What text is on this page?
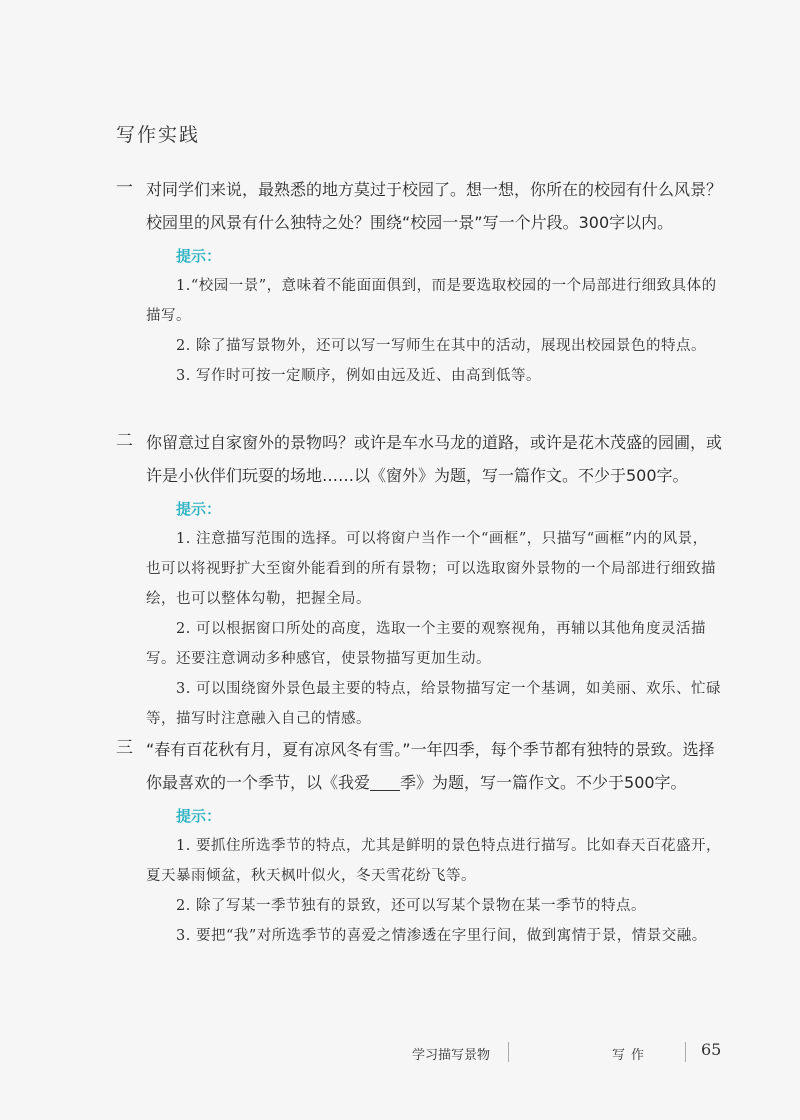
写作实践
一 对同学们来说，最熟悉的地方莫过于校园了。想一想，你所在的校园有什么风景？校园里的风景有什么独特之处？围绕“校园一景”写一个片段。300字以内。
提示：
1.“校园一景”，意味着不能面面俱到，而是要选取校园的一个局部进行细致具体的描写。
2. 除了描写景物外，还可以写一写师生在其中的活动，展现出校园景色的特点。
3. 写作时可按一定顺序，例如由远及近、由高到低等。
二 你留意过自家窗外的景物吗？或许是车水马龙的道路，或许是花木茂盛的园圃，或许是小伙伴们玩耍的场地……以《窗外》为题，写一篇作文。不少于500字。
提示：
1. 注意描写范围的选择。可以将窗户当作一个“画框”，只描写“画框”内的风景，也可以将视野扩大至窗外能看到的所有景物；可以选取窗外景物的一个局部进行细致描绘，也可以整体勾勒，把握全局。
2. 可以根据窗口所处的高度，选取一个主要的观察视角，再辅以其他角度灵活描写。还要注意调动多种感官，使景物描写更加生动。
3. 可以围绕窗外景色最主要的特点，给景物描写定一个基调，如美丽、欢乐、忙碌等，描写时注意融入自己的情感。
三 “春有百花秋有月，夏有凉风冬有雪。”一年四季，每个季节都有独特的景致。选择你最喜欢的一个季节，以《我爱 季》为题，写一篇作文。不少于500字。
提示：
1. 要抓住所选季节的特点，尤其是鲜明的景色特点进行描写。比如春天百花盛开，夏天暴雨倾盆，秋天枫叶似火，冬天雪花纷飞等。
2. 除了写某一季节独有的景致，还可以写某个景物在某一季节的特点。
3. 要把“我”对所选季节的喜爱之情渗透在字里行间，做到寓情于景，情景交融。
学习描写景物	写作	65
